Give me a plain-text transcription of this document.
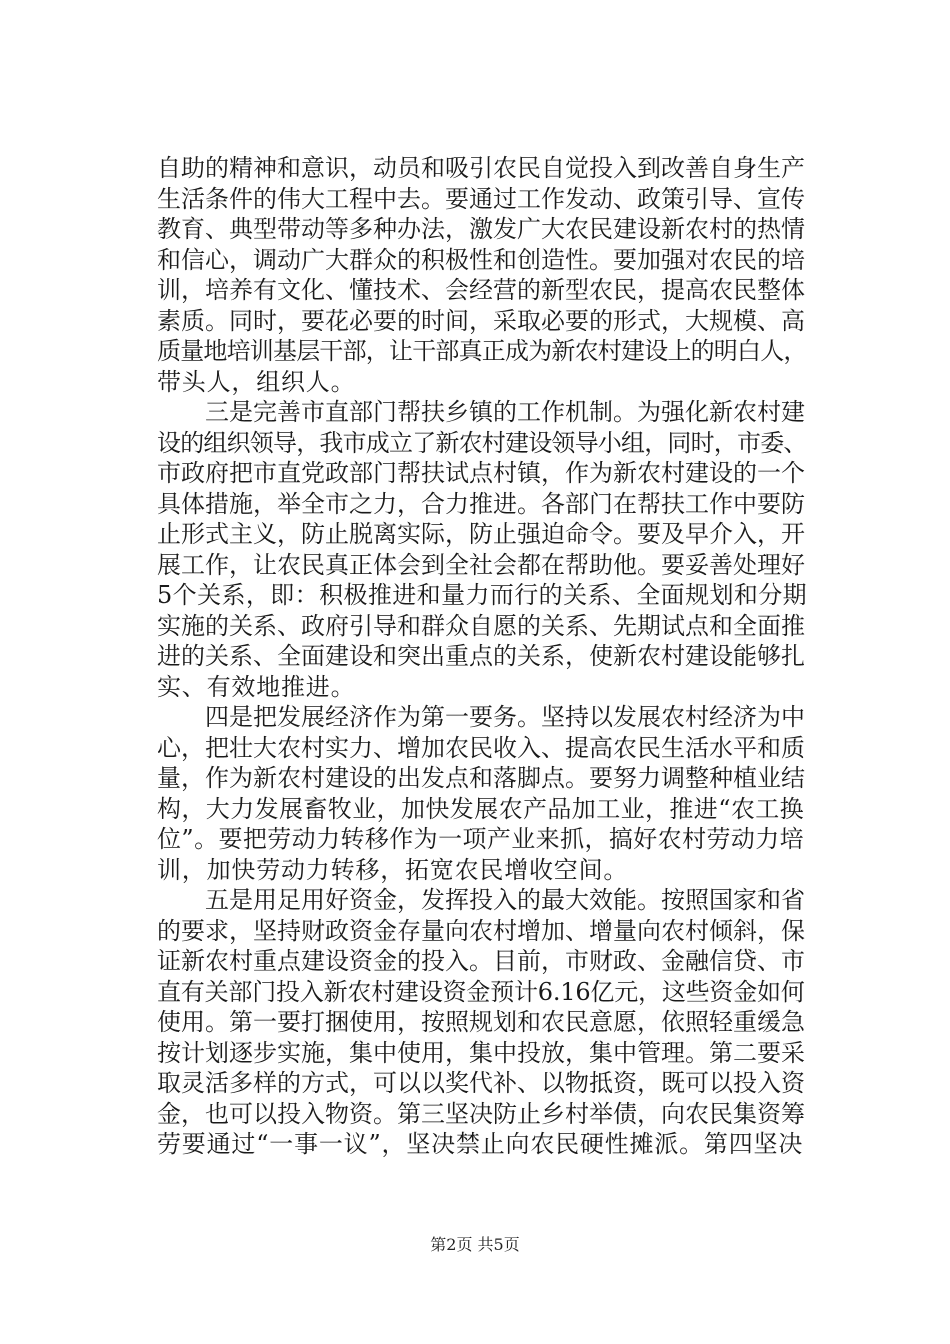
自助的精神和意识，动员和吸引农民自觉投入到改善自身生产
生活条件的伟大工程中去。要通过工作发动、政策引导、宣传
教育、典型带动等多种办法，激发广大农民建设新农村的热情
和信心，调动广大群众的积极性和创造性。要加强对农民的培
训，培养有文化、懂技术、会经营的新型农民，提高农民整体
素质。同时，要花必要的时间，采取必要的形式，大规模、高
质量地培训基层干部，让干部真正成为新农村建设上的明白人，
带头人，组织人。
　　三是完善市直部门帮扶乡镇的工作机制。为强化新农村建
设的组织领导，我市成立了新农村建设领导小组，同时，市委、
市政府把市直党政部门帮扶试点村镇，作为新农村建设的一个
具体措施，举全市之力，合力推进。各部门在帮扶工作中要防
止形式主义，防止脱离实际，防止强迫命令。要及早介入，开
展工作，让农民真正体会到全社会都在帮助他。要妥善处理好
5个关系，即：积极推进和量力而行的关系、全面规划和分期
实施的关系、政府引导和群众自愿的关系、先期试点和全面推
进的关系、全面建设和突出重点的关系，使新农村建设能够扎
实、有效地推进。
　　四是把发展经济作为第一要务。坚持以发展农村经济为中
心，把壮大农村实力、增加农民收入、提高农民生活水平和质
量，作为新农村建设的出发点和落脚点。要努力调整种植业结
构，大力发展畜牧业，加快发展农产品加工业，推进“农工换
位”。要把劳动力转移作为一项产业来抓，搞好农村劳动力培
训，加快劳动力转移，拓宽农民增收空间。
　　五是用足用好资金，发挥投入的最大效能。按照国家和省
的要求，坚持财政资金存量向农村增加、增量向农村倾斜，保
证新农村重点建设资金的投入。目前，市财政、金融信贷、市
直有关部门投入新农村建设资金预计6.16亿元，这些资金如何
使用。第一要打捆使用，按照规划和农民意愿，依照轻重缓急
按计划逐步实施，集中使用，集中投放，集中管理。第二要采
取灵活多样的方式，可以以奖代补、以物抵资，既可以投入资
金，也可以投入物资。第三坚决防止乡村举债，向农民集资筹
劳要通过“一事一议”，坚决禁止向农民硬性摊派。第四坚决
第2页 共5页
